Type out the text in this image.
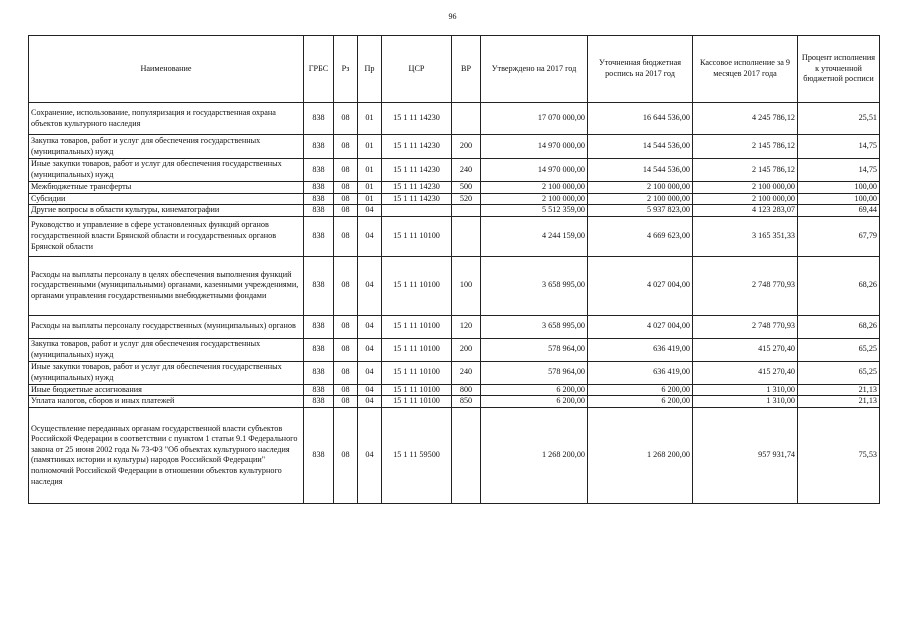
96
Наименование	ГРБС	Рз	Пр	ЦСР	ВР	Утверждено на 2017 год	Уточненная бюджетная роспись на 2017 год	Кассовое исполнение за 9 месяцев 2017 года	Процент исполнения к уточненной бюджетной росписи
Сохранение, использование, популяризация и государственная охрана объектов культурного наследия	838	08	01	15 1 11 14230		17 070 000,00	16 644 536,00	4 245 786,12	25,51
Закупка товаров, работ и услуг для обеспечения государственных (муниципальных) нужд	838	08	01	15 1 11 14230	200	14 970 000,00	14 544 536,00	2 145 786,12	14,75
Иные закупки товаров, работ и услуг для обеспечения государственных (муниципальных) нужд	838	08	01	15 1 11 14230	240	14 970 000,00	14 544 536,00	2 145 786,12	14,75
Межбюджетные трансферты	838	08	01	15 1 11 14230	500	2 100 000,00	2 100 000,00	2 100 000,00	100,00
Субсидии	838	08	01	15 1 11 14230	520	2 100 000,00	2 100 000,00	2 100 000,00	100,00
Другие вопросы в области культуры, кинематографии	838	08	04			5 512 359,00	5 937 823,00	4 123 283,07	69,44
Руководство и управление в сфере установленных функций органов государственной власти Брянской области и государственных органов Брянской области	838	08	04	15 1 11 10100		4 244 159,00	4 669 623,00	3 165 351,33	67,79
Расходы на выплаты персоналу в целях обеспечения выполнения функций государственными (муниципальными) органами, казенными учреждениями, органами управления государственными внебюджетными фондами	838	08	04	15 1 11 10100	100	3 658 995,00	4 027 004,00	2 748 770,93	68,26
Расходы на выплаты персоналу государственных (муниципальных) органов	838	08	04	15 1 11 10100	120	3 658 995,00	4 027 004,00	2 748 770,93	68,26
Закупка товаров, работ и услуг для обеспечения государственных (муниципальных) нужд	838	08	04	15 1 11 10100	200	578 964,00	636 419,00	415 270,40	65,25
Иные закупки товаров, работ и услуг для обеспечения государственных (муниципальных) нужд	838	08	04	15 1 11 10100	240	578 964,00	636 419,00	415 270,40	65,25
Иные бюджетные ассигнования	838	08	04	15 1 11 10100	800	6 200,00	6 200,00	1 310,00	21,13
Уплата налогов, сборов и иных платежей	838	08	04	15 1 11 10100	850	6 200,00	6 200,00	1 310,00	21,13
Осуществление переданных органам государственной власти субъектов Российской Федерации в соответствии с пунктом 1 статьи 9.1 Федерального закона от 25 июня 2002 года № 73-ФЗ "Об объектах культурного наследия (памятниках истории и культуры) народов Российской Федерации" полномочий Российской Федерации в отношении объектов культурного наследия	838	08	04	15 1 11 59500		1 268 200,00	1 268 200,00	957 931,74	75,53
